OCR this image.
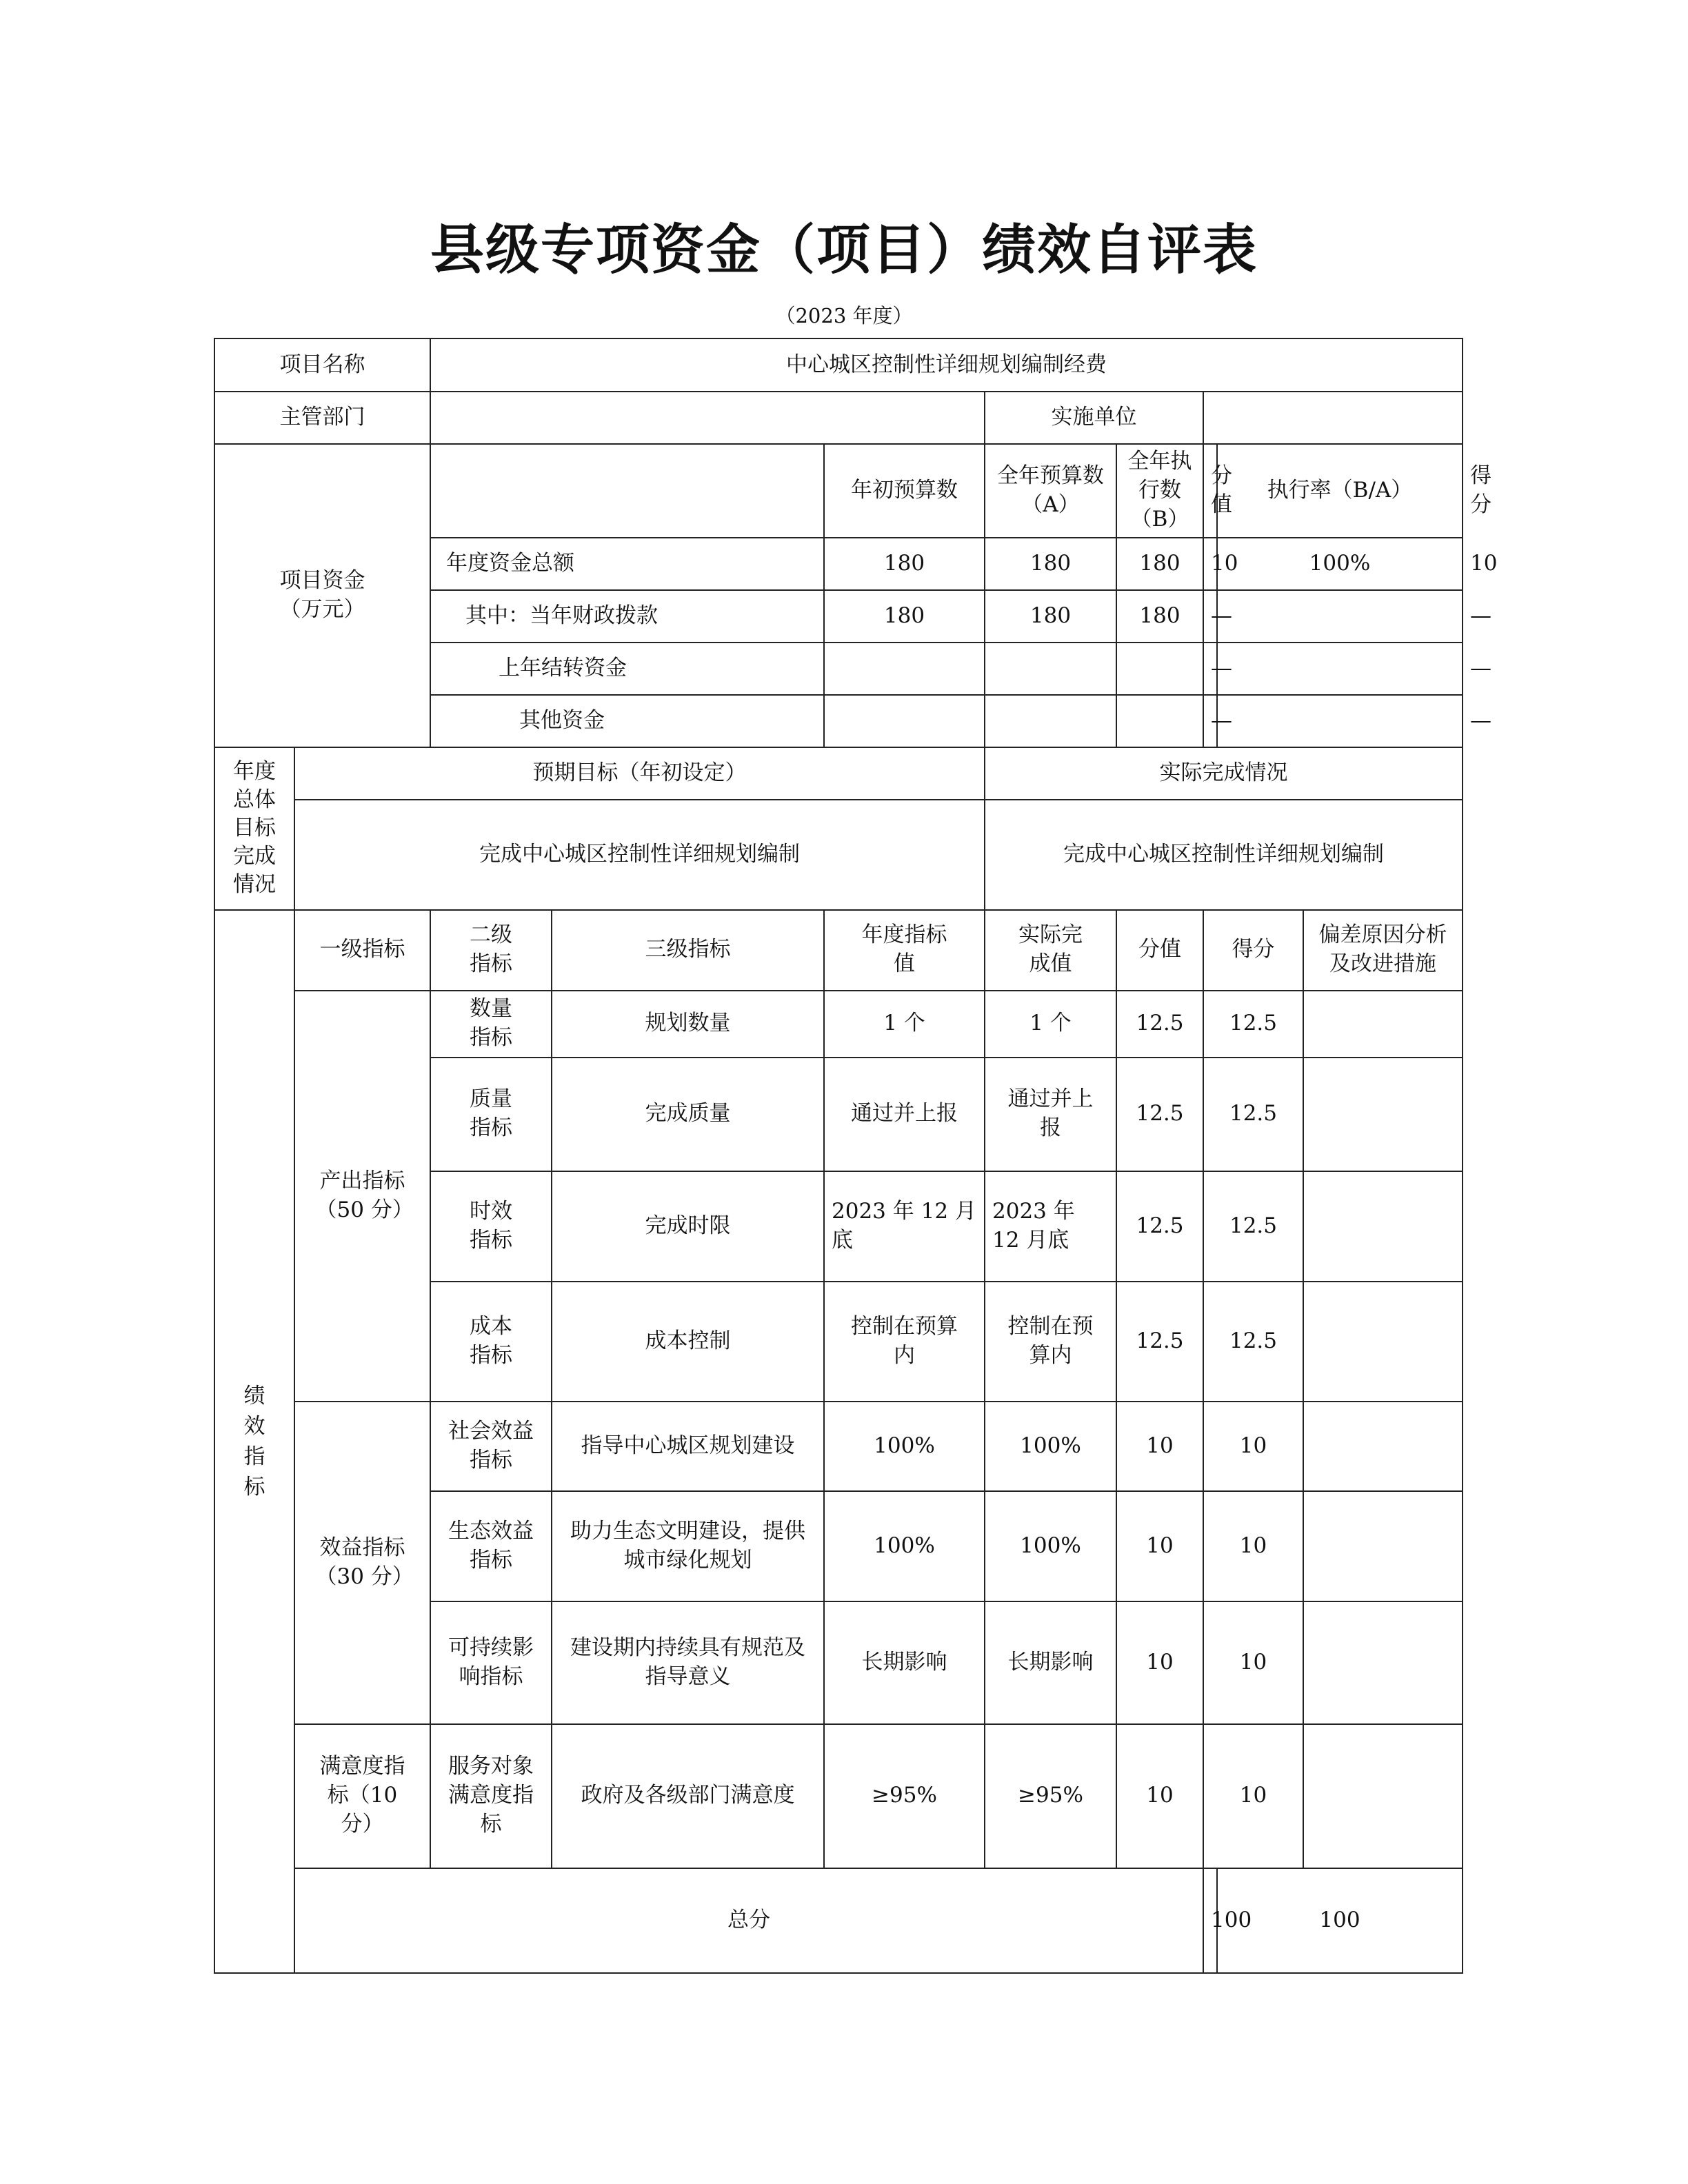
县级专项资金（项目）绩效自评表
（2023 年度）
项目名称		中心城区控制性详细规划编制经费								
主管部门					实施单位					
项目资金
（万元）				年初预算数	全年预算数（A）	全年执行数（B）	分值	执行率（B/A）		得分
		年度资金总额		180	180	180	10	100%		10
		其中：当年财政拨款		180	180	180	—			—
		上年结转资金					—			—
		其他资金					—			—

年度总体目标完成情况	预期目标（年初设定）				实际完成情况					
	完成中心城区控制性详细规划编制				完成中心城区控制性详细规划编制					

绩效指标	一级指标	二级指标	三级指标	年度指标值	实际完成值	分值	得分		偏差原因分析及改进措施	

	产出指标（50 分）	数量指标	规划数量	1 个	1 个	12.5	12.5			

		质量指标	完成质量	通过并上报	通过并上报	12.5	12.5			

		时效指标	完成时限	2023 年 12 月底	2023 年 12 月底	12.5	12.5			

		成本指标	成本控制	控制在预算内	控制在预算内	12.5	12.5			

	效益指标（30 分）	社会效益指标	指导中心城区规划建设	100%	100%	10	10			

		生态效益指标	助力生态文明建设，提供城市绿化规划	100%	100%	10	10			

		可持续影响指标	建设期内持续具有规范及指导意义	长期影响	长期影响	10	10			

	满意度指标（10 分）	服务对象满意度指标	政府及各级部门满意度	≥95%	≥95%	10	10			
	总分						100	100		
